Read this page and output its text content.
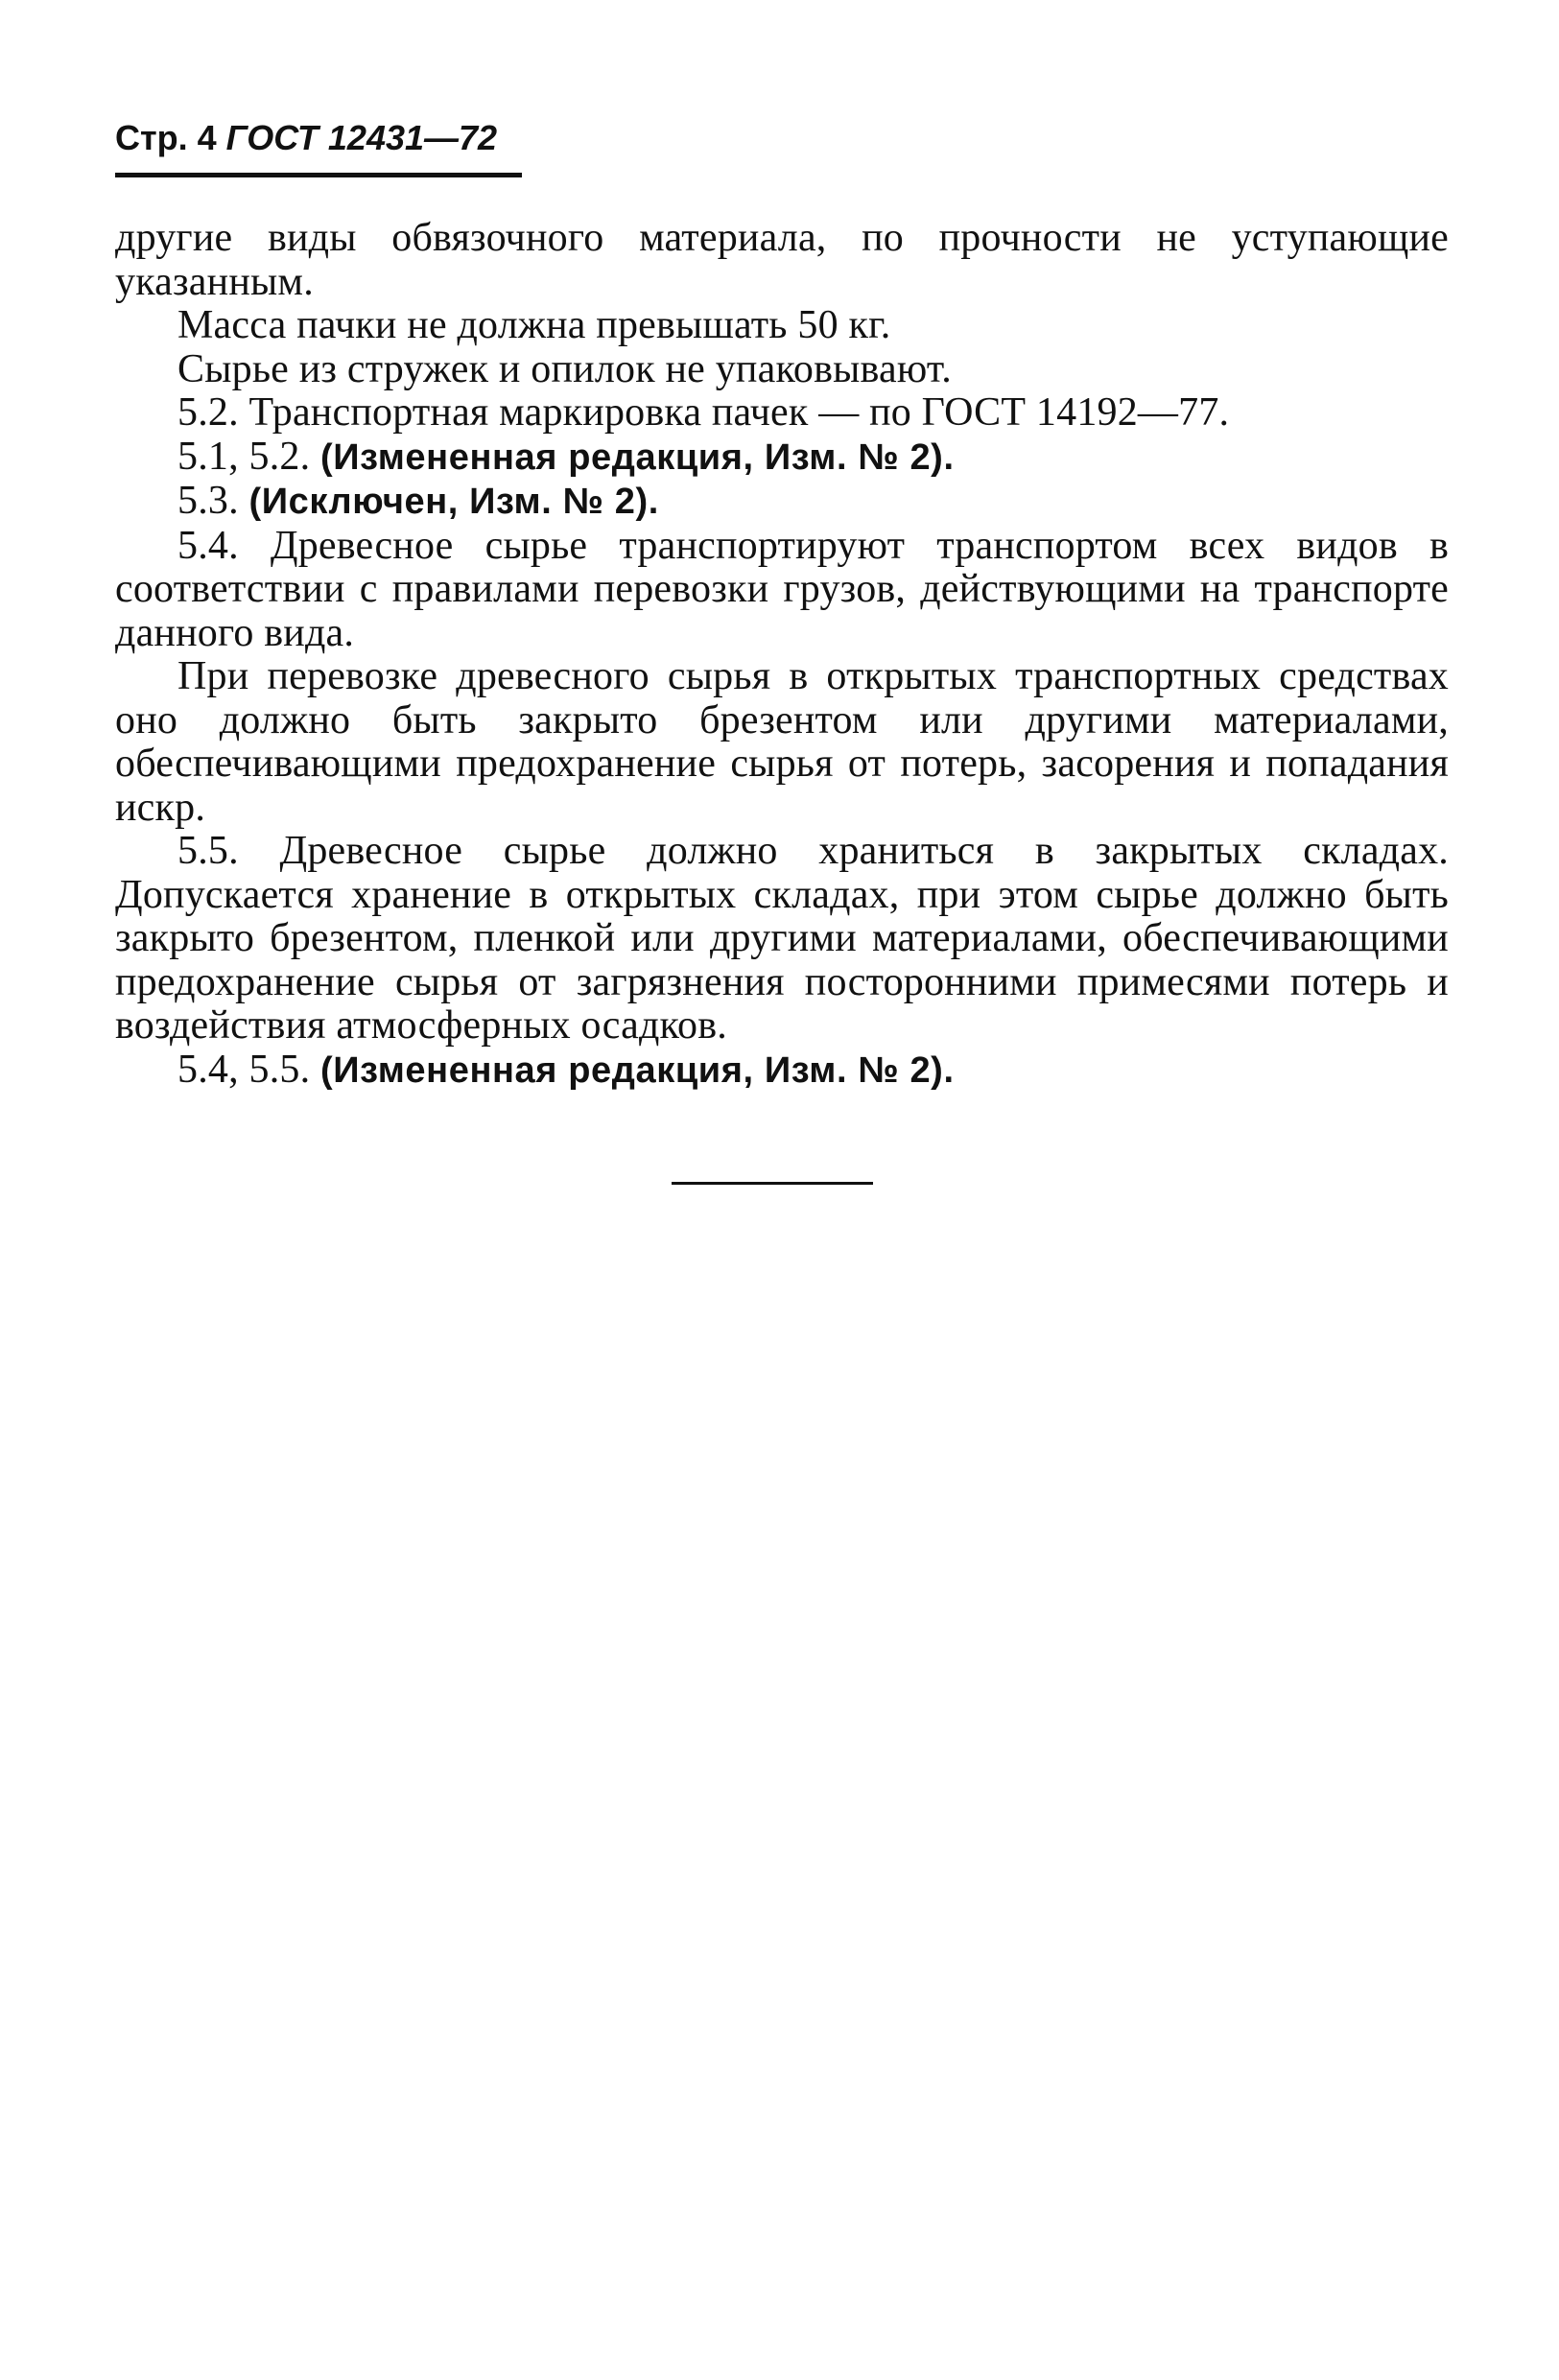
Стр. 4 ГОСТ 12431—72

другие виды обвязочного материала, по прочности не уступающие указанным.

Масса пачки не должна превышать 50 кг.

Сырье из стружек и опилок не упаковывают.

5.2. Транспортная маркировка пачек — по ГОСТ 14192—77.

5.1, 5.2. (Измененная редакция, Изм. № 2).

5.3. (Исключен, Изм. № 2).

5.4. Древесное сырье транспортируют транспортом всех видов в соответствии с правилами перевозки грузов, действующими на транспорте данного вида.

При перевозке древесного сырья в открытых транспортных средствах оно должно быть закрыто брезентом или другими материалами, обеспечивающими предохранение сырья от потерь, засорения и попадания искр.

5.5. Древесное сырье должно храниться в закрытых складах. Допускается хранение в открытых складах, при этом сырье должно быть закрыто брезентом, пленкой или другими материалами, обеспечивающими предохранение сырья от загрязнения посторонними примесями потерь и воздействия атмосферных осадков.

5.4, 5.5. (Измененная редакция, Изм. № 2).
